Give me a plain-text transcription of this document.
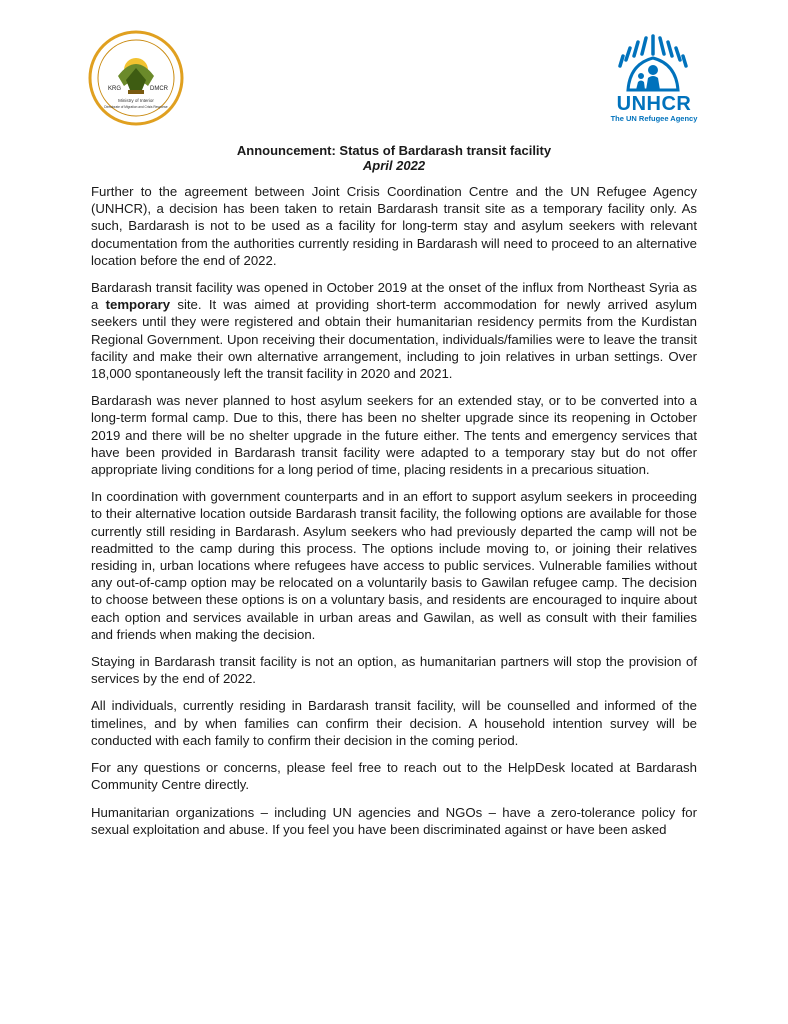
KRG	DMCR
Ministry of Interior
Directorate of Migration and Crisis Response	UNHCR
The UN Refugee Agency
Announcement: Status of Bardarash transit facility
April 2022

Further to the agreement between Joint Crisis Coordination Centre and the UN Refugee Agency (UNHCR), a decision has been taken to retain Bardarash transit site as a temporary facility only. As such, Bardarash is not to be used as a facility for long-term stay and asylum seekers with relevant documentation from the authorities currently residing in Bardarash will need to proceed to an alternative location before the end of 2022.

Bardarash transit facility was opened in October 2019 at the onset of the influx from Northeast Syria as a temporary site. It was aimed at providing short-term accommodation for newly arrived asylum seekers until they were registered and obtain their humanitarian residency permits from the Kurdistan Regional Government. Upon receiving their documentation, individuals/families were to leave the transit facility and make their own alternative arrangement, including to join relatives in urban settings. Over 18,000 spontaneously left the transit facility in 2020 and 2021.

Bardarash was never planned to host asylum seekers for an extended stay, or to be converted into a long-term formal camp. Due to this, there has been no shelter upgrade since its reopening in October 2019 and there will be no shelter upgrade in the future either. The tents and emergency services that have been provided in Bardarash transit facility were adapted to a temporary stay but do not offer appropriate living conditions for a long period of time, placing residents in a precarious situation.

In coordination with government counterparts and in an effort to support asylum seekers in proceeding to their alternative location outside Bardarash transit facility, the following options are available for those currently still residing in Bardarash. Asylum seekers who had previously departed the camp will not be readmitted to the camp during this process. The options include moving to, or joining their relatives residing in, urban locations where refugees have access to public services. Vulnerable families without any out-of-camp option may be relocated on a voluntarily basis to Gawilan refugee camp. The decision to choose between these options is on a voluntary basis, and residents are encouraged to inquire about each option and services available in urban areas and Gawilan, as well as consult with their families and friends when making the decision.

Staying in Bardarash transit facility is not an option, as humanitarian partners will stop the provision of services by the end of 2022.

All individuals, currently residing in Bardarash transit facility, will be counselled and informed of the timelines, and by when families can confirm their decision. A household intention survey will be conducted with each family to confirm their decision in the coming period.

For any questions or concerns, please feel free to reach out to the HelpDesk located at Bardarash Community Centre directly.

Humanitarian organizations – including UN agencies and NGOs – have a zero-tolerance policy for sexual exploitation and abuse. If you feel you have been discriminated against or have been asked
